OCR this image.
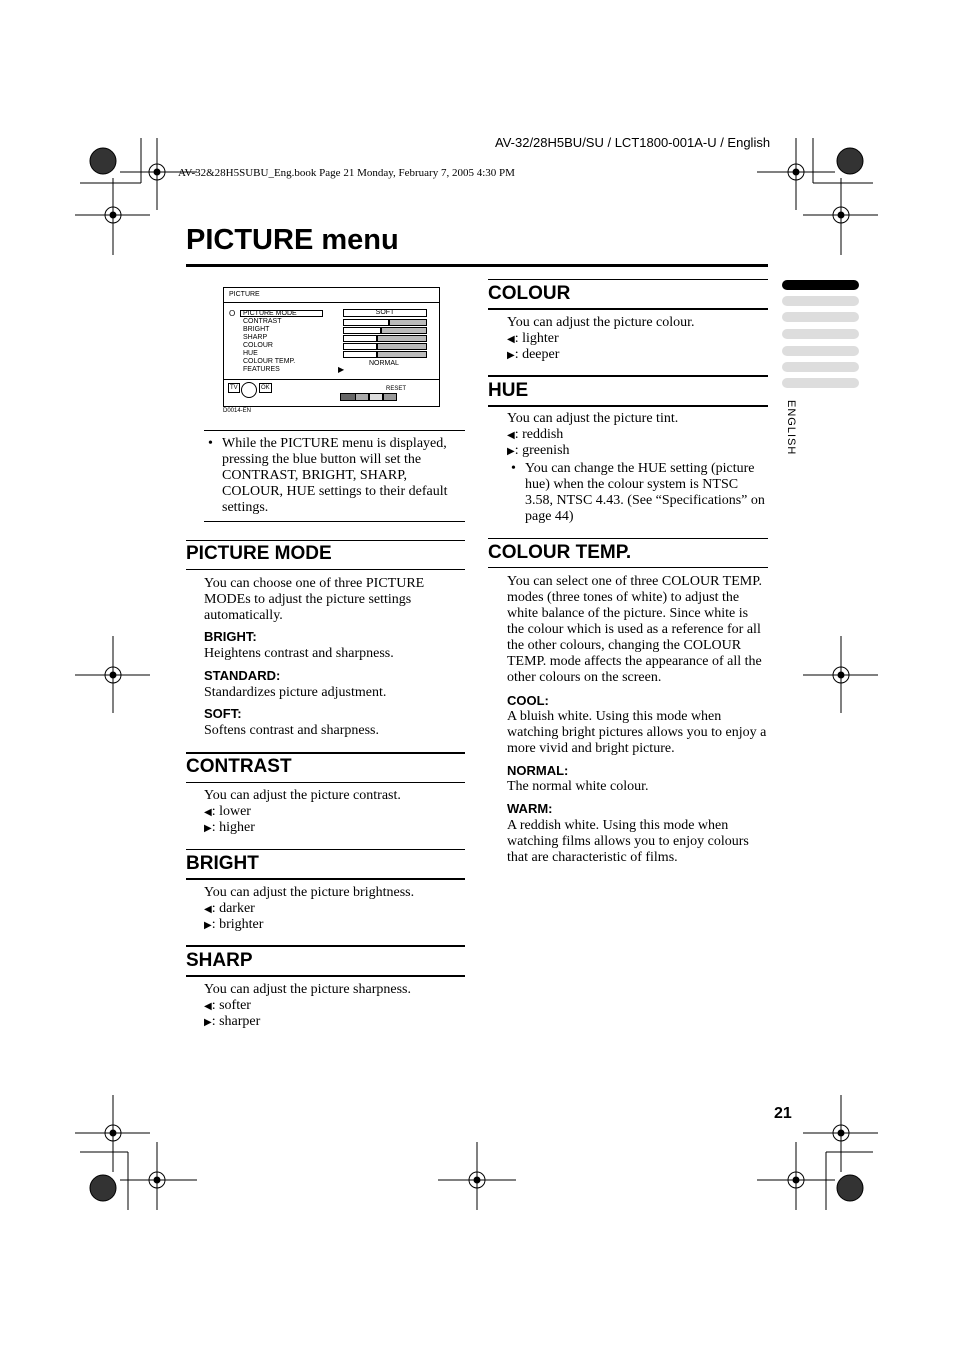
AV-32/28H5BU/SU / LCT1800-001A-U / English
AV-32&28H5SUBU_Eng.book Page 21 Monday, February 7, 2005 4:30 PM
PICTURE menu
PICTURE
O PICTURE MODE
CONTRAST
BRIGHT
SHARP
COLOUR
HUE
COLOUR TEMP.
FEATURES
SOFT
NORMAL
▶
TV	OK	RESET
D0014-EN
• While the PICTURE menu is displayed, pressing the blue button will set the CONTRAST, BRIGHT, SHARP, COLOUR, HUE settings to their default settings.
PICTURE MODE
You can choose one of three PICTURE MODEs to adjust the picture settings automatically.
BRIGHT:
Heightens contrast and sharpness.
STANDARD:
Standardizes picture adjustment.
SOFT:
Softens contrast and sharpness.
CONTRAST
You can adjust the picture contrast.
◀: lower
▶: higher
BRIGHT
You can adjust the picture brightness.
◀: darker
▶: brighter
SHARP
You can adjust the picture sharpness.
◀: softer
▶: sharper
COLOUR
You can adjust the picture colour.
◀: lighter
▶: deeper
HUE
You can adjust the picture tint.
◀: reddish
▶: greenish
• You can change the HUE setting (picture hue) when the colour system is NTSC 3.58, NTSC 4.43. (See “Specifications” on page 44)
COLOUR TEMP.
You can select one of three COLOUR TEMP. modes (three tones of white) to adjust the white balance of the picture. Since white is the colour which is used as a reference for all the other colours, changing the COLOUR TEMP. mode affects the appearance of all the other colours on the screen.
COOL:
A bluish white. Using this mode when watching bright pictures allows you to enjoy a more vivid and bright picture.
NORMAL:
The normal white colour.
WARM:
A reddish white. Using this mode when watching films allows you to enjoy colours that are characteristic of films.
ENGLISH
21
